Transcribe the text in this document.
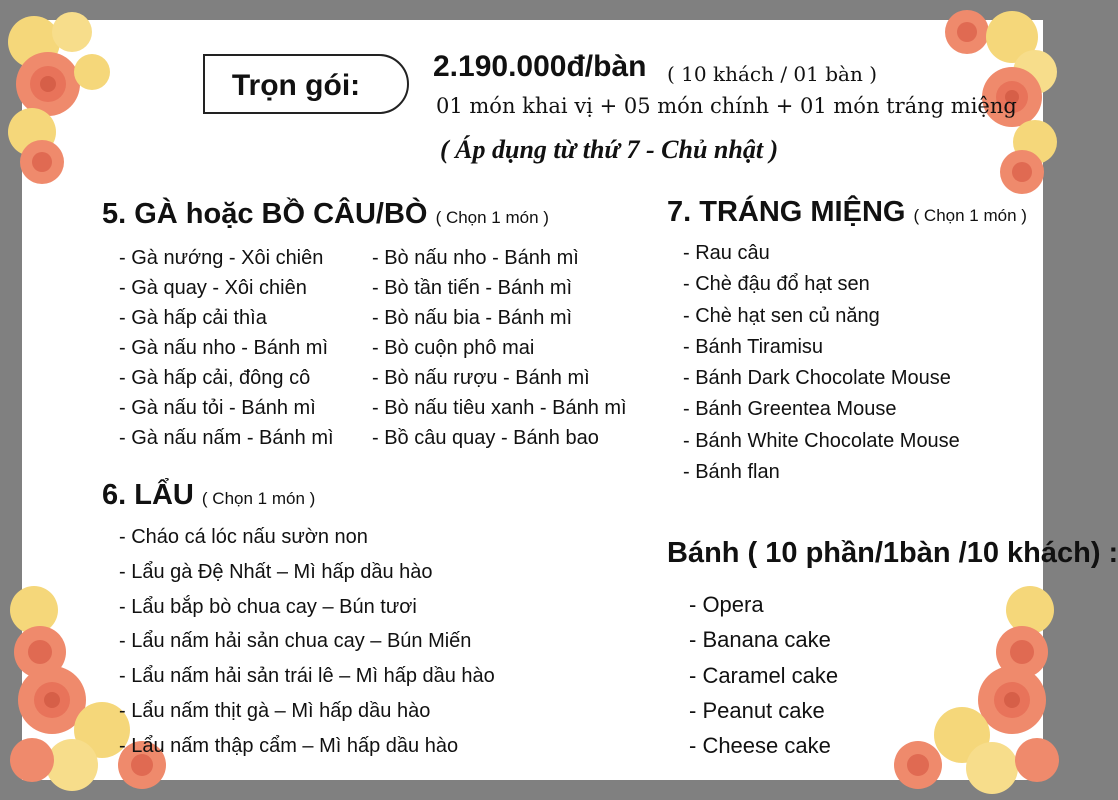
Trọn gói:
2.190.000đ/bàn ( 10 khách / 01 bàn )
01 món khai vị + 05 món chính + 01 món tráng miệng
( Áp dụng từ thứ 7 - Chủ nhật )
5. GÀ hoặc BỒ CÂU/BÒ ( Chọn 1 món )
- Gà nướng - Xôi chiên
- Gà quay - Xôi chiên
- Gà hấp cải thìa
- Gà nấu nho - Bánh mì
- Gà hấp cải, đông cô
- Gà nấu tỏi - Bánh mì
- Gà nấu nấm - Bánh mì
- Bò nấu nho - Bánh mì
- Bò tần tiến - Bánh mì
- Bò nấu bia - Bánh mì
- Bò cuộn phô mai
- Bò nấu rượu - Bánh mì
- Bò nấu tiêu xanh - Bánh mì
- Bồ câu quay - Bánh bao
6. LẨU ( Chọn 1 món )
- Cháo cá lóc nấu sườn non
- Lẩu gà Đệ Nhất – Mì hấp dầu hào
- Lẩu bắp bò chua cay – Bún tươi
- Lẩu nấm hải sản chua cay – Bún Miến
- Lẩu nấm hải sản trái lê – Mì hấp dầu hào
- Lẩu nấm thịt gà – Mì hấp dầu hào
- Lẩu nấm thập cẩm – Mì hấp dầu hào
7. TRÁNG MIỆNG ( Chọn 1 món )
- Rau câu
- Chè đậu đổ hạt sen
- Chè hạt sen củ năng
- Bánh Tiramisu
- Bánh Dark Chocolate Mouse
- Bánh Greentea Mouse
- Bánh White Chocolate Mouse
- Bánh flan
Bánh ( 10 phần/1bàn /10 khách) :
- Opera
- Banana cake
- Caramel cake
- Peanut cake
- Cheese cake
